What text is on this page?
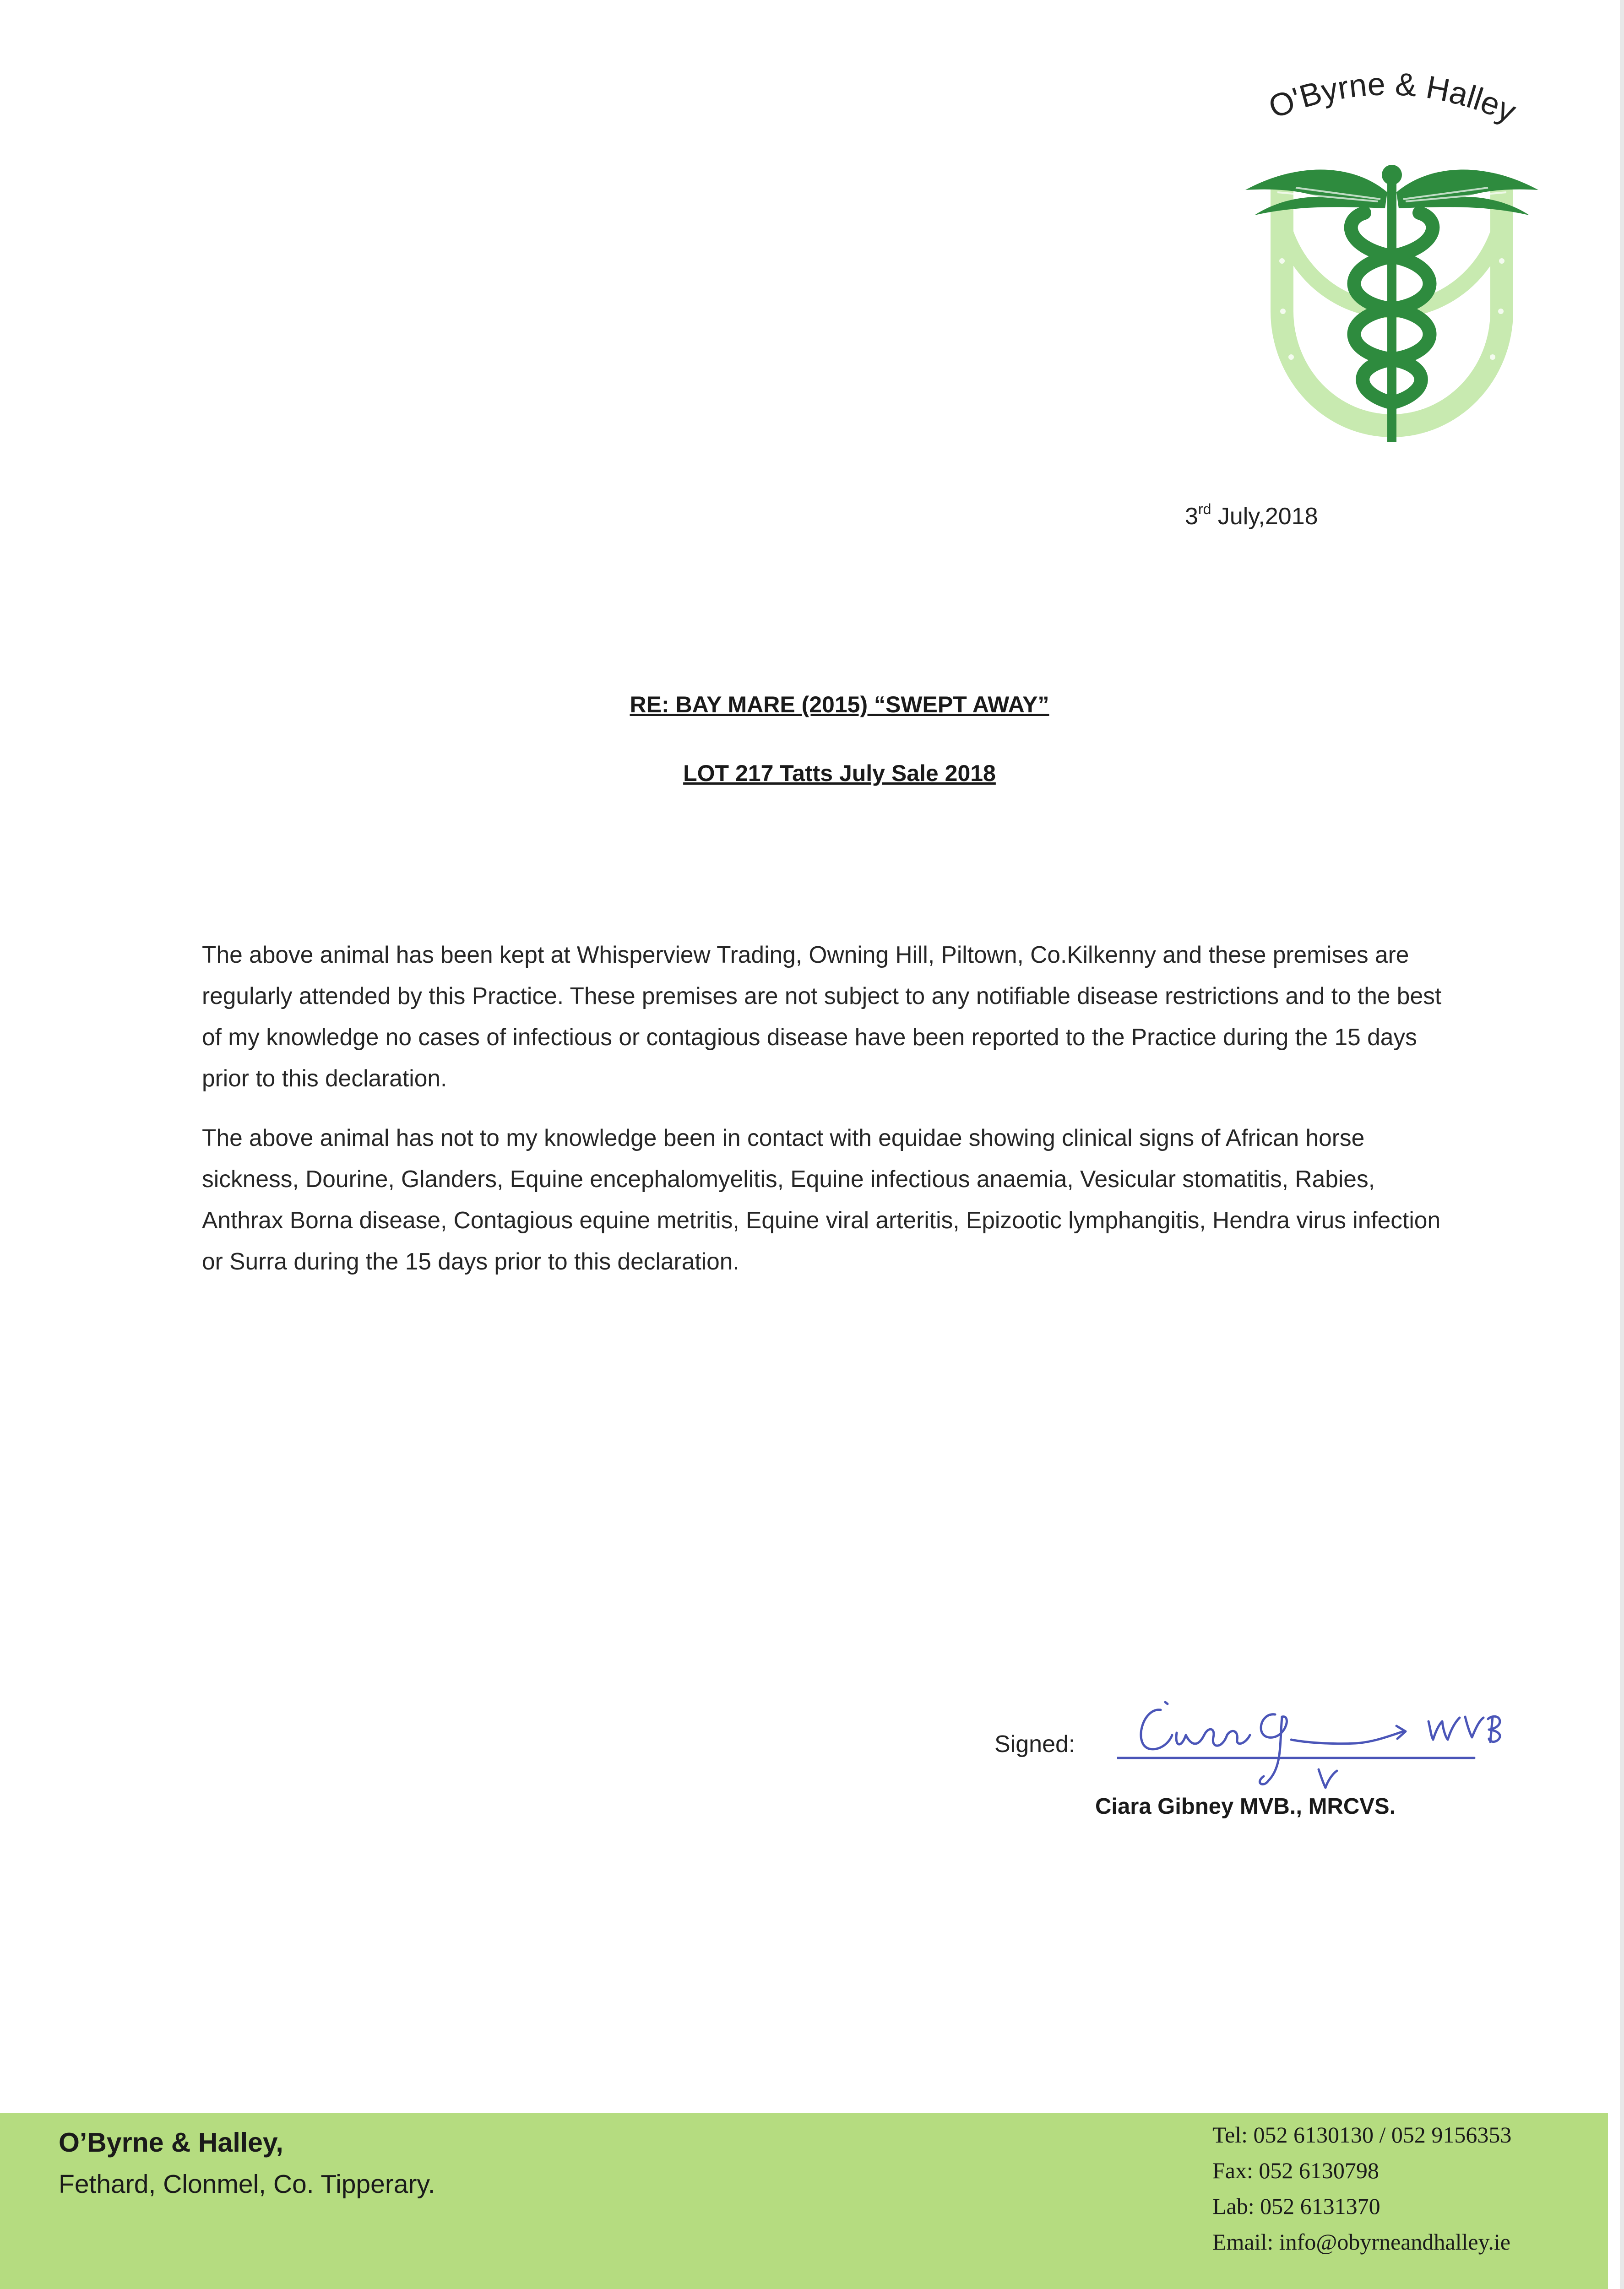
O'Byrne & Halley
3rd July,2018
RE: BAY MARE (2015) “SWEPT AWAY”
LOT 217 Tatts July Sale 2018

The above animal has been kept at Whisperview Trading, Owning Hill, Piltown, Co.Kilkenny and these premises are regularly attended by this Practice. These premises are not subject to any notifiable disease restrictions and to the best of my knowledge no cases of infectious or contagious disease have been reported to the Practice during the 15 days prior to this declaration.

The above animal has not to my knowledge been in contact with equidae showing clinical signs of African horse sickness, Dourine, Glanders, Equine encephalomyelitis, Equine infectious anaemia, Vesicular stomatitis, Rabies, Anthrax Borna disease, Contagious equine metritis, Equine viral arteritis, Epizootic lymphangitis, Hendra virus infection or Surra during the 15 days prior to this declaration.

Signed:
Ciara Gibney MVB., MRCVS.
O’Byrne & Halley,
Fethard, Clonmel, Co. Tipperary.
Tel: 052 6130130 / 052 9156353
Fax: 052 6130798
Lab: 052 6131370
Email: info@obyrneandhalley.ie
